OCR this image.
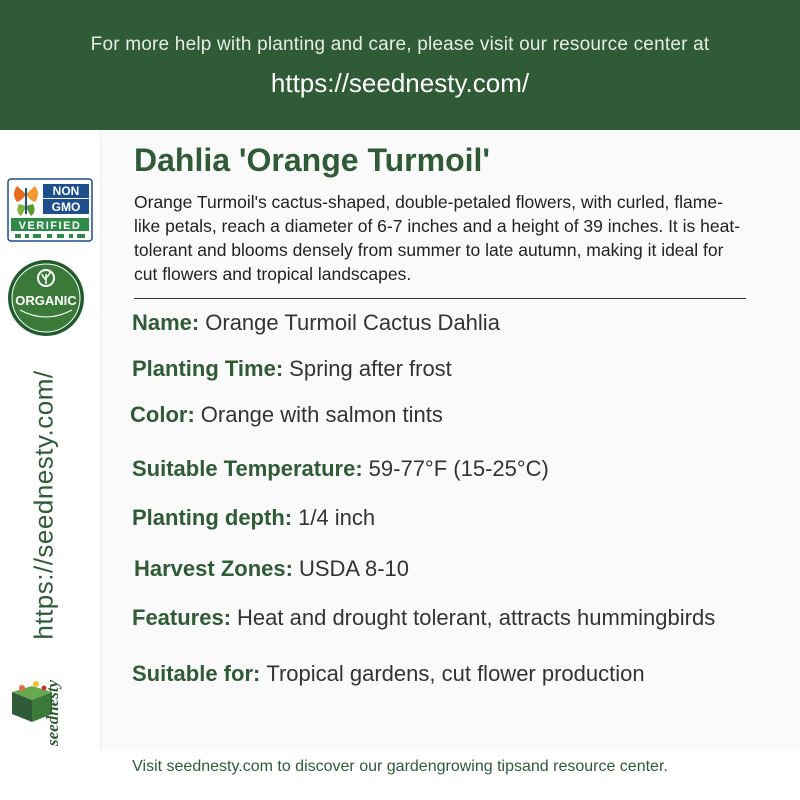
For more help with planting and care, please visit our resource center at
https://seednesty.com/
NON
GMO
VERIFIED
ORGANIC
https://seednesty.com/
seednesty
Dahlia 'Orange Turmoil'
Orange Turmoil's cactus-shaped, double-petaled flowers, with curled, flame-like petals, reach a diameter of 6-7 inches and a height of 39 inches. It is heat-tolerant and blooms densely from summer to late autumn, making it ideal for cut flowers and tropical landscapes.
Name: Orange Turmoil Cactus Dahlia
Planting Time: Spring after frost
Color: Orange with salmon tints
Suitable Temperature: 59-77°F (15-25°C)
Planting depth: 1/4 inch
Harvest Zones: USDA 8-10
Features: Heat and drought tolerant, attracts hummingbirds
Suitable for: Tropical gardens, cut flower production
Visit seednesty.com to discover our gardengrowing tipsand resource center.
